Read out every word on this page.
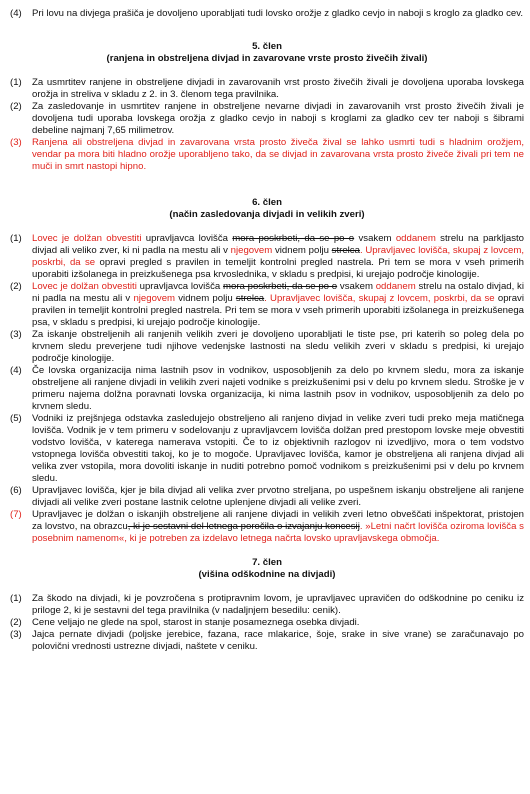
(4)	Pri lovu na divjega prašiča je dovoljeno uporabljati tudi lovsko orožje z gladko cevjo in naboji s kroglo za gladko cev.
5. člen
(ranjena in obstreljena divjad in zavarovane vrste prosto živečih živali)
(1)	Za usmrtitev ranjene in obstreljene divjadi in zavarovanih vrst prosto živečih živali je dovoljena uporaba lovskega orožja in streliva v skladu z 2. in 3. členom tega pravilnika.
(2)	Za zasledovanje in usmrtitev ranjene in obstreljene nevarne divjadi in zavarovanih vrst prosto živečih živali je dovoljena tudi uporaba lovskega orožja z gladko cevjo in naboji s kroglami za gladko cev ter naboji s šibrami debeline najmanj 7,65 milimetrov.
(3)	Ranjena ali obstreljena divjad in zavarovana vrsta prosto živeča žival se lahko usmrti tudi s hladnim orožjem, vendar pa mora biti hladno orožje uporabljeno tako, da se divjad in zavarovana vrsta prosto živeče živali pri tem ne muči in smrt nastopi hipno.
6. člen
(način zasledovanja divjadi in velikih zveri)
(1)	Lovec je dolžan obvestiti upravljavca lovišča mora poskrbeti, da se po o vsakem oddanem strelu na parkljasto divjad ali veliko zver, ki ni padla na mestu ali v njegovem vidnem polju strelca. Upravljavec lovišča, skupaj z lovcem, poskrbi, da se opravi pregled s pravilen in temeljit kontrolni pregled nastrela. Pri tem se mora v vseh primerih uporabiti izšolanega in preizkušenega psa krvoslednika, v skladu s predpisi, ki urejajo področje kinologije.
(2)	Lovec je dolžan obvestiti upravljavca lovišča mora poskrbeti, da se po o vsakem oddanem strelu na ostalo divjad, ki ni padla na mestu ali v njegovem vidnem polju strelca. Upravljavec lovišča, skupaj z lovcem, poskrbi, da se opravi pravilen in temeljit kontrolni pregled nastrela. Pri tem se mora v vseh primerih uporabiti izšolanega in preizkušenega psa, v skladu s predpisi, ki urejajo področje kinologije.
(3)	Za iskanje obstreljenih ali ranjenih velikih zveri je dovoljeno uporabljati le tiste pse, pri katerih so poleg dela po krvnem sledu preverjene tudi njihove vedenjske lastnosti na sledu velikih zveri v skladu s predpisi, ki urejajo področje kinologije.
(4)	Če lovska organizacija nima lastnih psov in vodnikov, usposobljenih za delo po krvnem sledu, mora za iskanje obstreljene ali ranjene divjadi in velikih zveri najeti vodnike s preizkušenimi psi v delu po krvnem sledu. Stroške je v primeru najema dolžna poravnati lovska organizacija, ki nima lastnih psov in vodnikov, usposobljenih za delo po krvnem sledu.
(5)	Vodniki iz prejšnjega odstavka zasledujejo obstreljeno ali ranjeno divjad in velike zveri tudi preko meja matičnega lovišča. Vodnik je v tem primeru v sodelovanju z upravljavcem lovišča dolžan pred prestopom lovske meje obvestiti vodstvo lovišča, v katerega namerava vstopiti. Če to iz objektivnih razlogov ni izvedljivo, mora o tem vodstvo vstopnega lovišča obvestiti takoj, ko je to mogoče. Upravljavec lovišča, kamor je obstreljena ali ranjena divjad ali velika zver vstopila, mora dovoliti iskanje in nuditi potrebno pomoč vodnikom s preizkušenimi psi v delu po krvnem sledu.
(6)	Upravljavec lovišča, kjer je bila divjad ali velika zver prvotno streljana, po uspešnem iskanju obstreljene ali ranjene divjadi ali velike zveri postane lastnik celotne uplenjene divjadi ali velike zveri.
(7)	Upravljavec je dolžan o iskanjih obstreljene ali ranjene divjadi in velikih zveri letno obveščati inšpektorat, pristojen za lovstvo, na obrazcu, ki je sestavni del letnega poročila o izvajanju koncesij. »Letni načrt lovišča oziroma lovišča s posebnim namenom«, ki je potreben za izdelavo letnega načrta lovsko upravljavskega območja.
7. člen
(višina odškodnine na divjadi)
(1)	Za škodo na divjadi, ki je povzročena s protipravnim lovom, je upravljavec upravičen do odškodnine po ceniku iz priloge 2, ki je sestavni del tega pravilnika (v nadaljnjem besedilu: cenik).
(2)	Cene veljajo ne glede na spol, starost in stanje posameznega osebka divjadi.
(3)	Jajca pernate divjadi (poljske jerebice, fazana, race mlakarice, šoje, srake in sive vrane) se zaračunavajo po polovični vrednosti ustrezne divjadi, naštete v ceniku.
